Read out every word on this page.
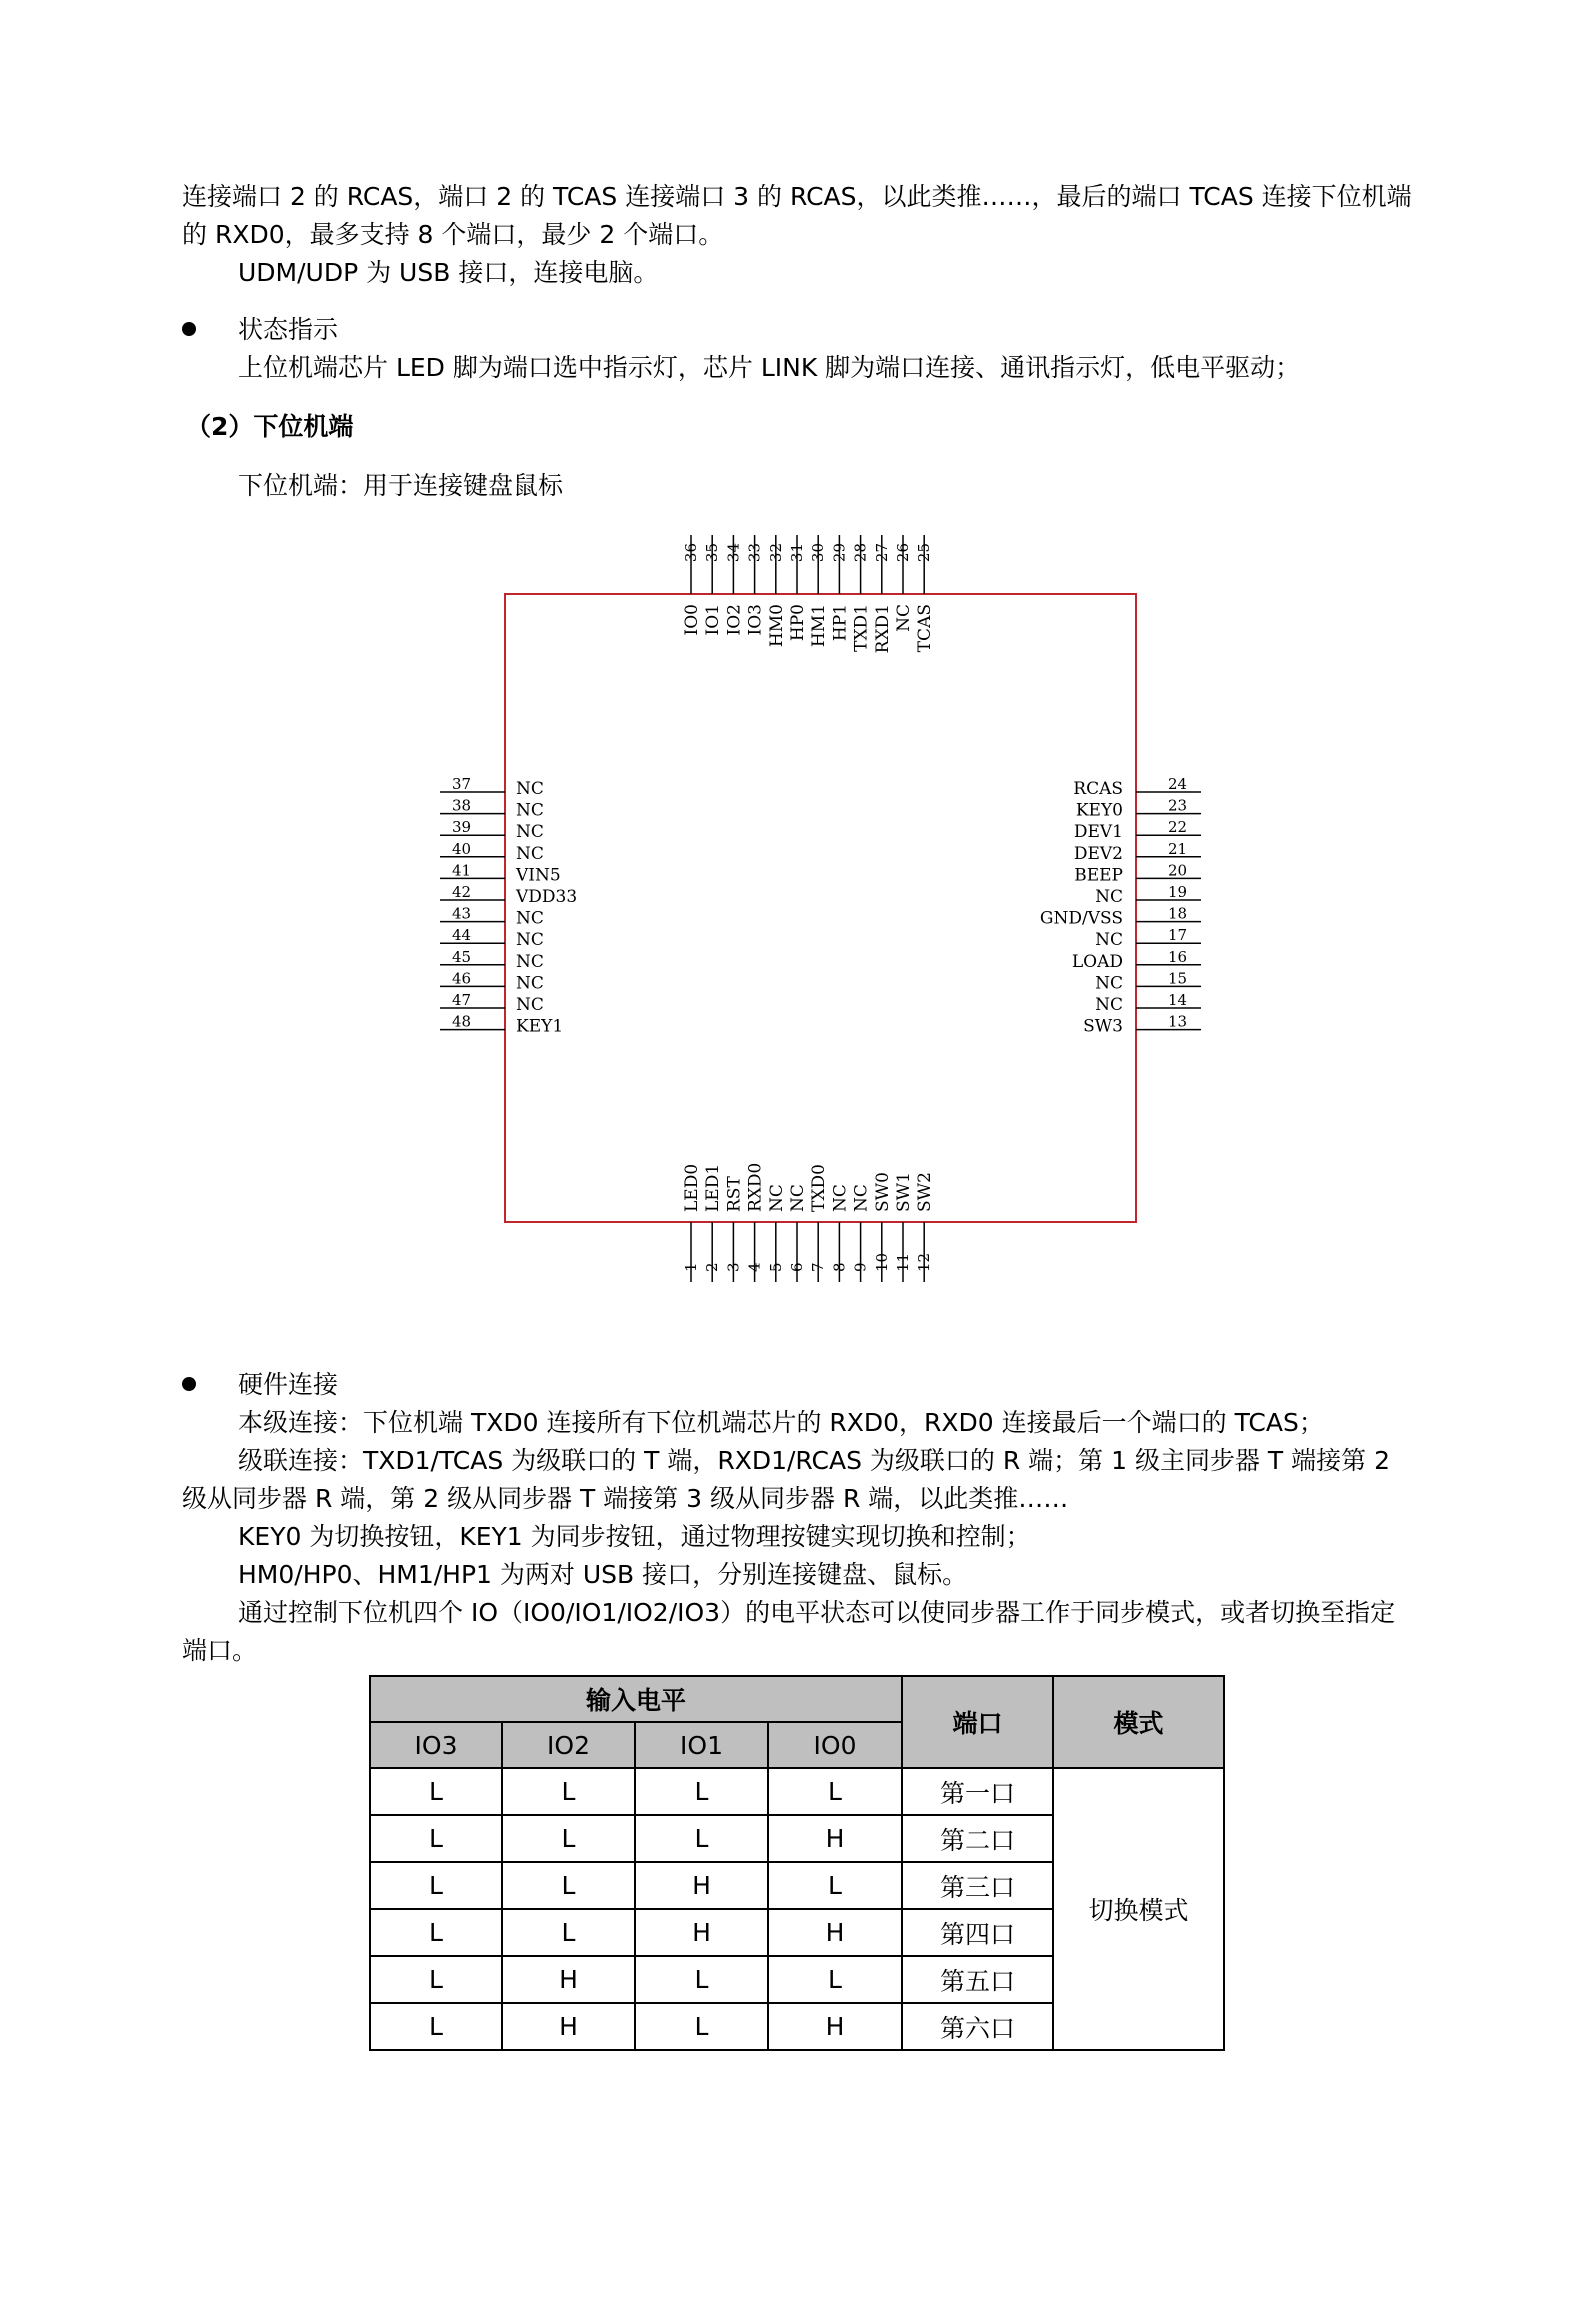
连接端口 2 的 RCAS，端口 2 的 TCAS 连接端口 3 的 RCAS，以此类推……，最后的端口 TCAS 连接下位机端的 RXD0，最多支持 8 个端口，最少 2 个端口。

UDM/UDP 为 USB 接口，连接电脑。

状态指示

上位机端芯片 LED 脚为端口选中指示灯，芯片 LINK 脚为端口连接、通讯指示灯，低电平驱动；

（2）下位机端

下位机端：用于连接键盘鼠标

36
IO0
35
IO1
34
IO2
33
IO3
32
HM0
31
HP0
30
HM1
29
HP1
28
TXD1
27
RXD1
26
NC
25
TCAS
1
LED0
2
LED1
3
RST
4
RXD0
5
NC
6
NC
7
TXD0
8
NC
9
NC
10
SW0
11
SW1
12
SW2
37	NC
38	NC
39	NC
40	NC
41	VIN5
42	VDD33
43	NC
44	NC
45	NC
46	NC
47	NC
48	KEY1
24
RCAS
23
KEY0
22
DEV1
21
DEV2
20
BEEP
19
NC
18
GND/VSS
17
NC
16
LOAD
15
NC
14
NC
13
SW3
硬件连接

本级连接：下位机端 TXD0 连接所有下位机端芯片的 RXD0，RXD0 连接最后一个端口的 TCAS；

级联连接：TXD1/TCAS 为级联口的 T 端，RXD1/RCAS 为级联口的 R 端；第 1 级主同步器 T 端接第 2 级从同步器 R 端，第 2 级从同步器 T 端接第 3 级从同步器 R 端，以此类推……

KEY0 为切换按钮，KEY1 为同步按钮，通过物理按键实现切换和控制；

HM0/HP0、HM1/HP1 为两对 USB 接口，分别连接键盘、鼠标。

通过控制下位机四个 IO（IO0/IO1/IO2/IO3）的电平状态可以使同步器工作于同步模式，或者切换至指定端口。

输入电平				端口	模式
IO3	IO2	IO1	IO0		
L	L	L	L	第一口	切换模式
L	L	L	H	第二口	
L	L	H	L	第三口	
L	L	H	H	第四口	
L	H	L	L	第五口	
L	H	L	H	第六口	
